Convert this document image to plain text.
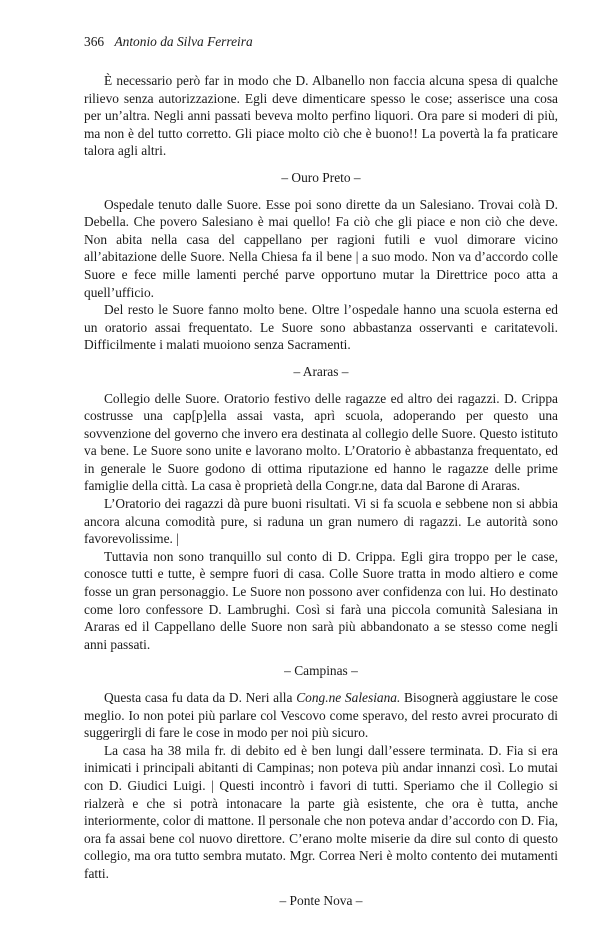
366 Antonio da Silva Ferreira

È necessario però far in modo che D. Albanello non faccia alcuna spesa di qualche rilievo senza autorizzazione. Egli deve dimenticare spesso le cose; asserisce una cosa per un’altra. Negli anni passati beveva molto perfino liquori. Ora pare si moderi di più, ma non è del tutto corretto. Gli piace molto ciò che è buono!! La povertà la fa praticare talora agli altri.

– Ouro Preto –

Ospedale tenuto dalle Suore. Esse poi sono dirette da un Salesiano. Trovai colà D. Debella. Che povero Salesiano è mai quello! Fa ciò che gli piace e non ciò che deve. Non abita nella casa del cappellano per ragioni futili e vuol dimorare vicino all’abitazione delle Suore. Nella Chiesa fa il bene | a suo modo. Non va d’accordo colle Suore e fece mille lamenti perché parve opportuno mutar la Direttrice poco atta a quell’ufficio.

Del resto le Suore fanno molto bene. Oltre l’ospedale hanno una scuola esterna ed un oratorio assai frequentato. Le Suore sono abbastanza osservanti e caritatevoli. Difficilmente i malati muoiono senza Sacramenti.

– Araras –

Collegio delle Suore. Oratorio festivo delle ragazze ed altro dei ragazzi. D. Crippa costrusse una cap[p]ella assai vasta, aprì scuola, adoperando per questo una sovvenzione del governo che invero era destinata al collegio delle Suore. Questo istituto va bene. Le Suore sono unite e lavorano molto. L’Oratorio è abbastanza frequentato, ed in generale le Suore godono di ottima riputazione ed hanno le ragazze delle prime famiglie della città. La casa è proprietà della Congr.ne, data dal Barone di Araras.

L’Oratorio dei ragazzi dà pure buoni risultati. Vi si fa scuola e sebbene non si abbia ancora alcuna comodità pure, si raduna un gran numero di ragazzi. Le autorità sono favorevolissime. |

Tuttavia non sono tranquillo sul conto di D. Crippa. Egli gira troppo per le case, conosce tutti e tutte, è sempre fuori di casa. Colle Suore tratta in modo altiero e come fosse un gran personaggio. Le Suore non possono aver confidenza con lui. Ho destinato come loro confessore D. Lambrughi. Così si farà una piccola comunità Salesiana in Araras ed il Cappellano delle Suore non sarà più abbandonato a se stesso come negli anni passati.

– Campinas –

Questa casa fu data da D. Neri alla Cong.ne Salesiana. Bisognerà aggiustare le cose meglio. Io non potei più parlare col Vescovo come speravo, del resto avrei procurato di suggerirgli di fare le cose in modo per noi più sicuro.

La casa ha 38 mila fr. di debito ed è ben lungi dall’essere terminata. D. Fia si era inimicati i principali abitanti di Campinas; non poteva più andar innanzi così. Lo mutai con D. Giudici Luigi. | Questi incontrò i favori di tutti. Speriamo che il Collegio si rialzerà e che si potrà intonacare la parte già esistente, che ora è tutta, anche interiormente, color di mattone. Il personale che non poteva andar d’accordo con D. Fia, ora fa assai bene col nuovo direttore. C’erano molte miserie da dire sul conto di questo collegio, ma ora tutto sembra mutato. Mgr. Correa Neri è molto contento dei mutamenti fatti.

– Ponte Nova –
